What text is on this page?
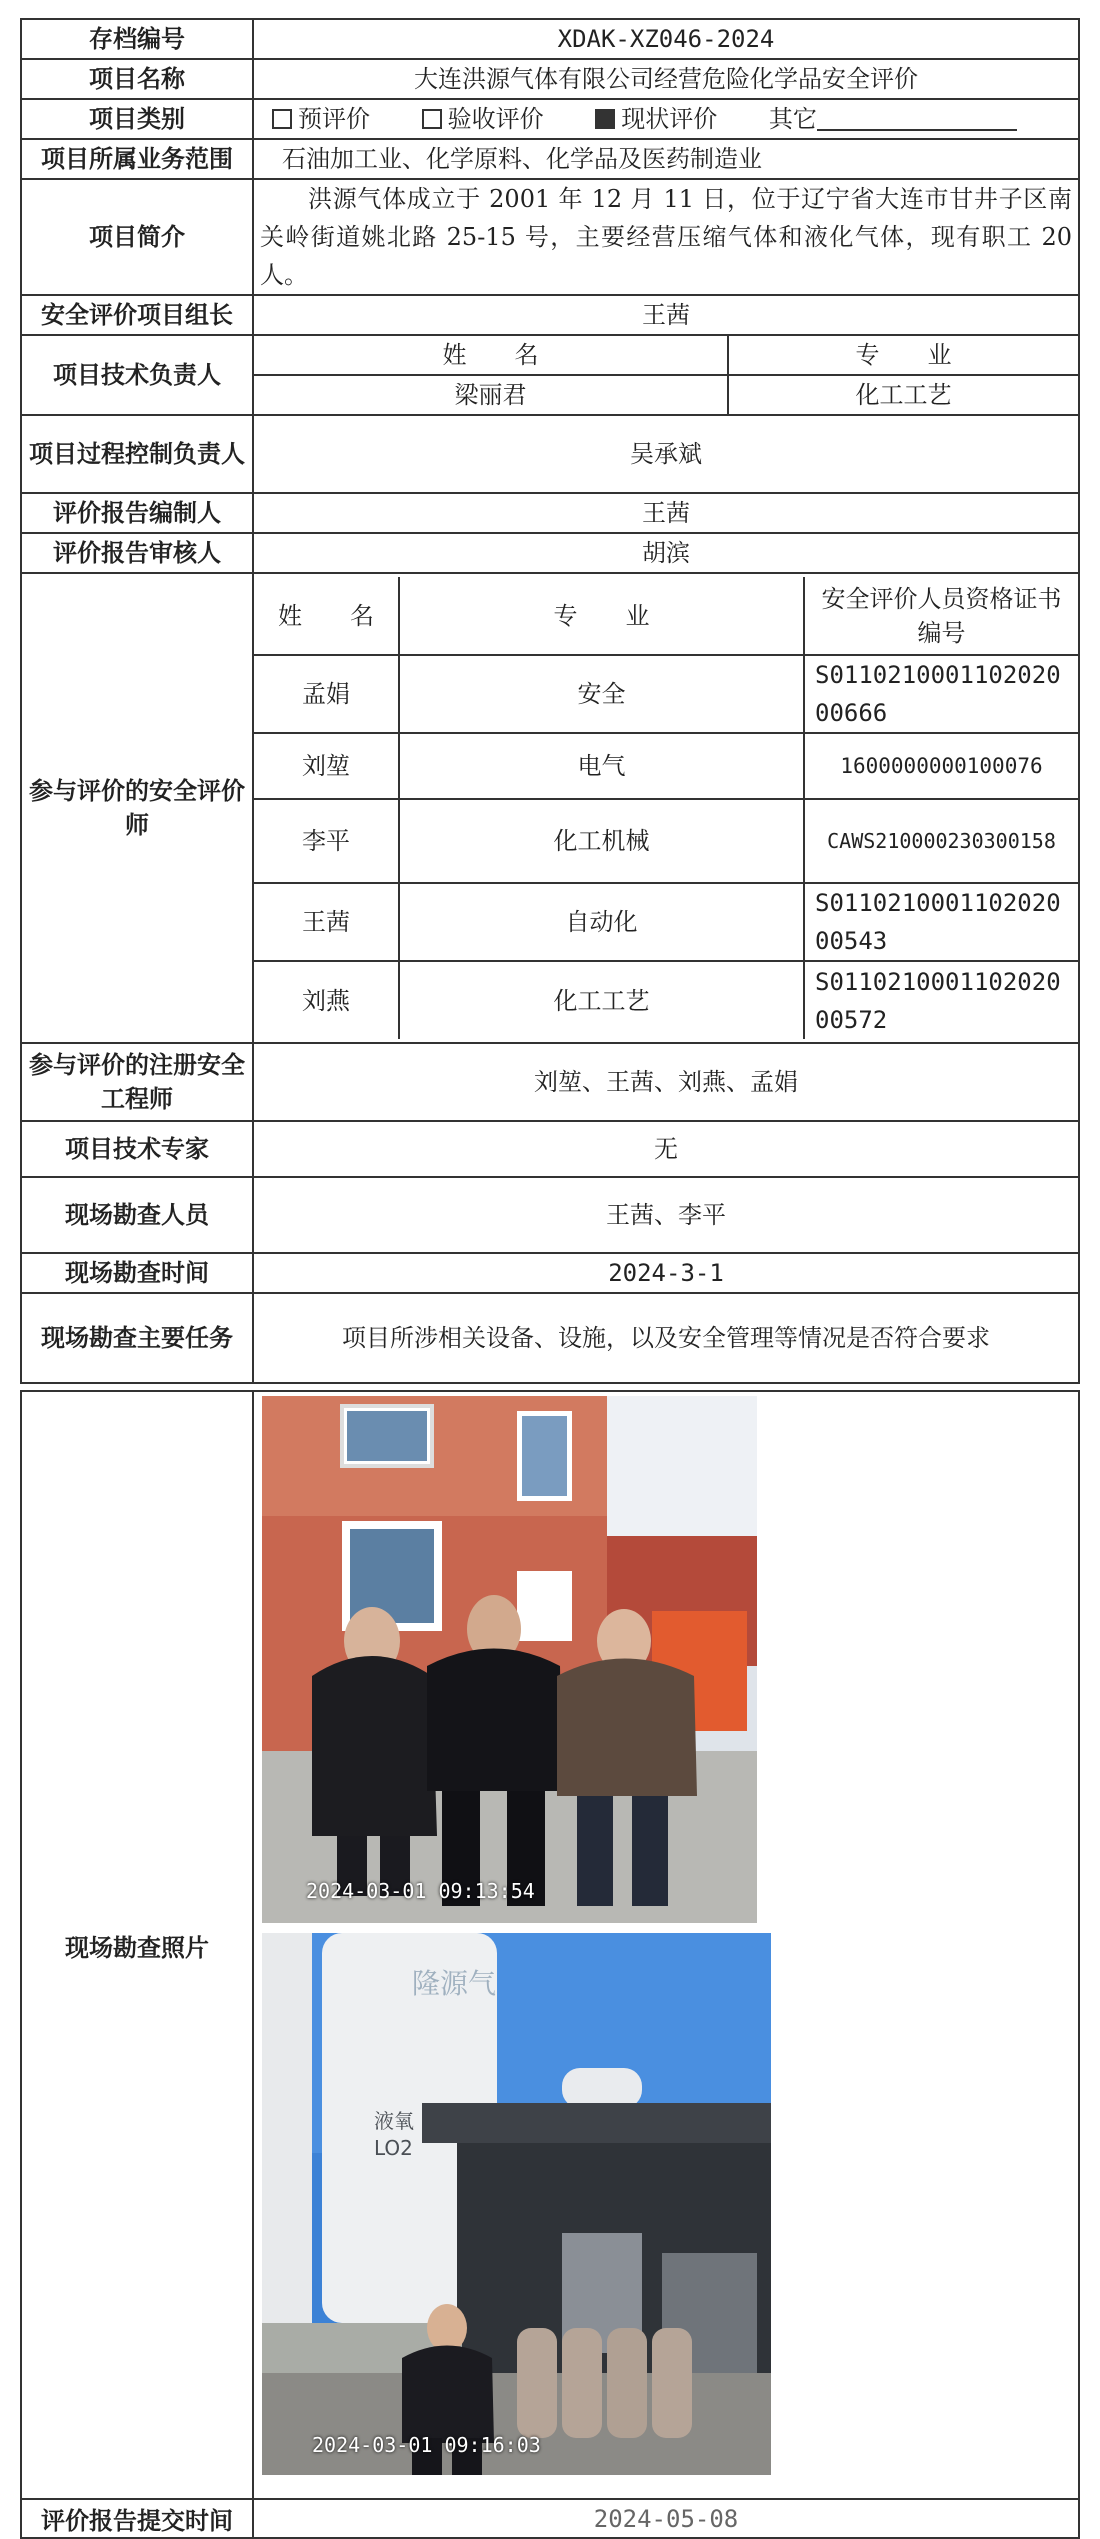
存档编号	XDAK-XZ046-2024
项目名称	大连洪源气体有限公司经营危险化学品安全评价
项目类别	预评价	验收评价	现状评价 其它
项目所属业务范围	石油加工业、化学原料、化学品及医药制造业
项目简介	洪源气体成立于 2001 年 12 月 11 日，位于辽宁省大连市甘井子区南关岭街道姚北路 25-15 号，主要经营压缩气体和液化气体，现有职工 20 人。
安全评价项目组长	王茜
项目技术负责人	姓　　名	专　　业
梁丽君	化工工艺
项目过程控制负责人	吴承斌
评价报告编制人	王茜
评价报告审核人	胡滨
参与评价的安全评价师	
姓　　名	专　　业	安全评价人员资格证书编号
孟娟	安全	S011021000110202000666
刘堃	电气	1600000000100076
李平	化工机械	CAWS210000230300158
王茜	自动化	S011021000110202000543
刘燕	化工工艺	S011021000110202000572

参与评价的注册安全工程师	刘堃、王茜、刘燕、孟娟
项目技术专家	无
现场勘查人员	王茜、李平
现场勘查时间	2024-3-1
现场勘查主要任务	项目所涉相关设备、设施，以及安全管理等情况是否符合要求
现场勘查照片	2024-03-01 09:13:54
液氧
LO2
隆源气
2024-03-01 09:16:03

评价报告提交时间	2024-05-08
